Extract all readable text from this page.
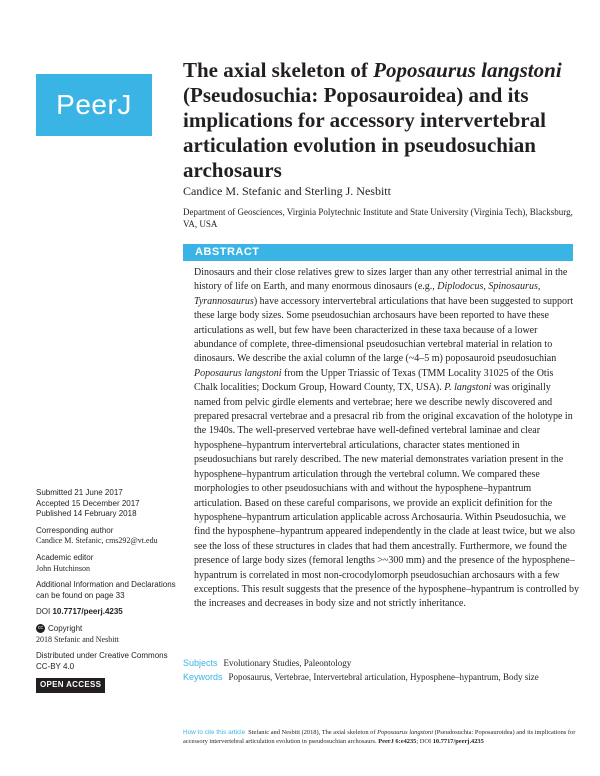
PeerJ
The axial skeleton of Poposaurus langstoni (Pseudosuchia: Poposauroidea) and its implications for accessory intervertebral articulation evolution in pseudosuchian archosaurs
Candice M. Stefanic and Sterling J. Nesbitt
Department of Geosciences, Virginia Polytechnic Institute and State University (Virginia Tech), Blacksburg, VA, USA
ABSTRACT

Dinosaurs and their close relatives grew to sizes larger than any other terrestrial animal in the history of life on Earth, and many enormous dinosaurs (e.g., Diplodocus, Spinosaurus, Tyrannosaurus) have accessory intervertebral articulations that have been suggested to support these large body sizes. Some pseudosuchian archosaurs have been reported to have these articulations as well, but few have been characterized in these taxa because of a lower abundance of complete, three-dimensional pseudosuchian vertebral material in relation to dinosaurs. We describe the axial column of the large (~4–5 m) poposauroid pseudosuchian Poposaurus langstoni from the Upper Triassic of Texas (TMM Locality 31025 of the Otis Chalk localities; Dockum Group, Howard County, TX, USA). P. langstoni was originally named from pelvic girdle elements and vertebrae; here we describe newly discovered and prepared presacral vertebrae and a presacral rib from the original excavation of the holotype in the 1940s. The well-preserved vertebrae have well-defined vertebral laminae and clear hyposphene–hypantrum intervertebral articulations, character states mentioned in pseudosuchians but rarely described. The new material demonstrates variation present in the hyposphene–hypantrum articulation through the vertebral column. We compared these morphologies to other pseudosuchians with and without the hyposphene–hypantrum articulation. Based on these careful comparisons, we provide an explicit definition for the hyposphene–hypantrum articulation applicable across Archosauria. Within Pseudosuchia, we find the hyposphene–hypantrum appeared independently in the clade at least twice, but we also see the loss of these structures in clades that had them ancestrally. Furthermore, we found the presence of large body sizes (femoral lengths >~300 mm) and the presence of the hyposphene–hypantrum is correlated in most non-crocodylomorph pseudosuchian archosaurs with a few exceptions. This result suggests that the presence of the hyposphene–hypantrum is controlled by the increases and decreases in body size and not strictly inheritance.

Submitted 21 June 2017
Accepted 15 December 2017
Published 14 February 2018
Corresponding author
Candice M. Stefanic, cms292@vt.edu
Academic editor
John Hutchinson
Additional Information and Declarations can be found on page 33
DOI 10.7717/peerj.4235
cc Copyright
2018 Stefanic and Nesbitt
Distributed under Creative Commons CC-BY 4.0
OPEN ACCESS
Subjects Evolutionary Studies, Paleontology
Keywords Poposaurus, Vertebrae, Intervertebral articulation, Hyposphene–hypantrum, Body size
How to cite this article Stefanic and Nesbitt (2018), The axial skeleton of Poposaurus langstoni (Pseudosuchia: Poposauroidea) and its implications for accessory intervertebral articulation evolution in pseudosuchian archosaurs. PeerJ 6:e4235; DOI 10.7717/peerj.4235
